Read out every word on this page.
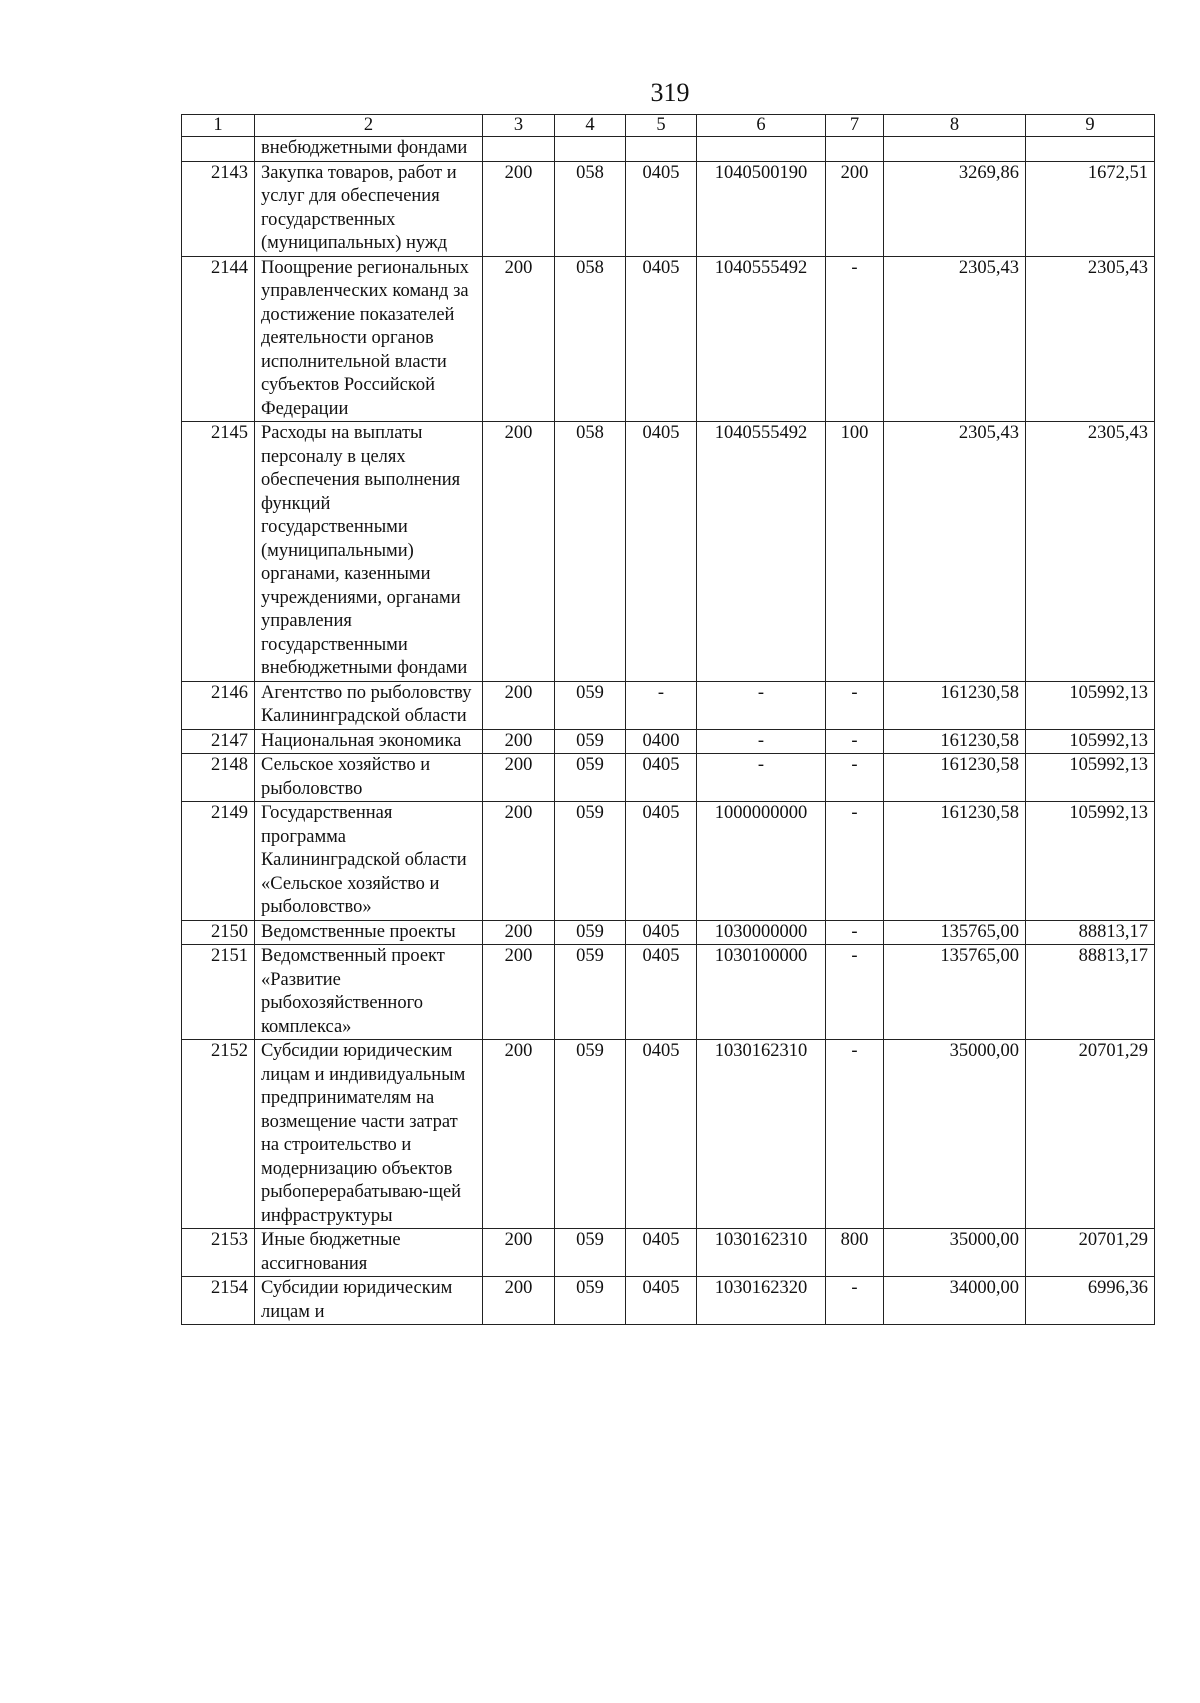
319
1	2	3	4	5	6	7	8	9
	внебюджетными фондами							
2143	Закупка товаров, работ и услуг для обеспечения государственных (муниципальных) нужд	200	058	0405	1040500190	200	3269,86	1672,51
2144	Поощрение региональных управленческих команд за достижение показателей деятельности органов исполнительной власти субъектов Российской Федерации	200	058	0405	1040555492	-	2305,43	2305,43
2145	Расходы на выплаты персоналу в целях обеспечения выполнения функций государственными (муниципальными) органами, казенными учреждениями, органами управления государственными внебюджетными фондами	200	058	0405	1040555492	100	2305,43	2305,43
2146	Агентство по рыболовству Калининградской области	200	059	-	-	-	161230,58	105992,13
2147	Национальная экономика	200	059	0400	-	-	161230,58	105992,13
2148	Сельское хозяйство и рыболовство	200	059	0405	-	-	161230,58	105992,13
2149	Государственная программа Калининградской области «Сельское хозяйство и рыболовство»	200	059	0405	1000000000	-	161230,58	105992,13
2150	Ведомственные проекты	200	059	0405	1030000000	-	135765,00	88813,17
2151	Ведомственный проект «Развитие рыбохозяйственного комплекса»	200	059	0405	1030100000	-	135765,00	88813,17
2152	Субсидии юридическим лицам и индивидуальным предпринимателям на возмещение части затрат на строительство и модернизацию объектов рыбоперерабатываю-щей инфраструктуры	200	059	0405	1030162310	-	35000,00	20701,29
2153	Иные бюджетные ассигнования	200	059	0405	1030162310	800	35000,00	20701,29
2154	Субсидии юридическим лицам и	200	059	0405	1030162320	-	34000,00	6996,36
